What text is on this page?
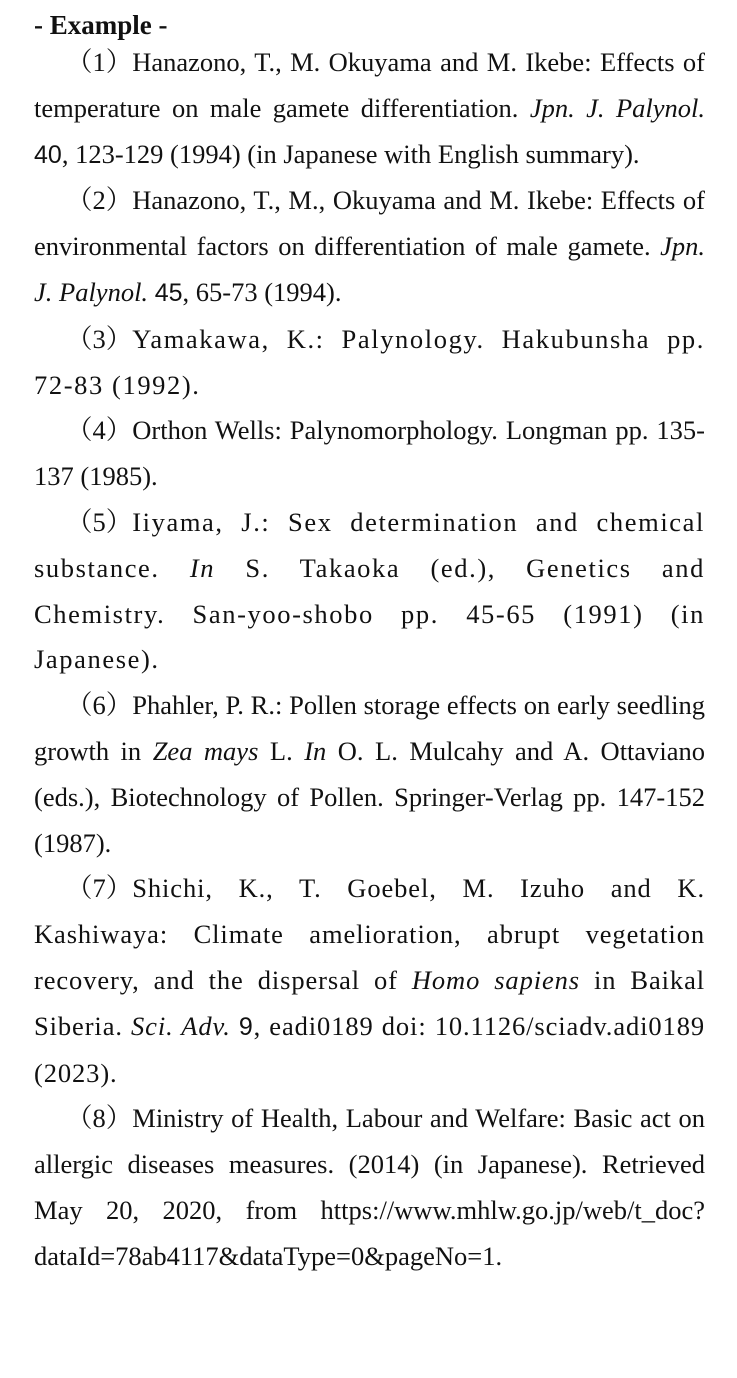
- Example -

（1）Hanazono, T., M. Okuyama and M. Ikebe: Effects of temperature on male gamete differentiation. Jpn. J. Palynol. 40, 123-129 (1994) (in Japanese with English summary).

（2）Hanazono, T., M., Okuyama and M. Ikebe: Effects of environmental factors on differentiation of male gamete. Jpn. J. Palynol. 45, 65-73 (1994).

（3）Yamakawa, K.: Palynology. Hakubunsha pp. 72-83 (1992).

（4）Orthon Wells: Palynomorphology. Longman pp. 135-137 (1985).

（5）Iiyama, J.: Sex determination and chemical substance. In S. Takaoka (ed.), Genetics and Chemistry. San-yoo-shobo pp. 45-65 (1991) (in Japanese).

（6）Phahler, P. R.: Pollen storage effects on early seedling growth in Zea mays L. In O. L. Mulcahy and A. Ottaviano (eds.), Biotechnology of Pollen. Springer-Verlag pp. 147-152 (1987).

（7）Shichi, K., T. Goebel, M. Izuho and K. Kashiwaya: Climate amelioration, abrupt vegetation recovery, and the dispersal of Homo sapiens in Baikal Siberia. Sci. Adv. 9, eadi0189 doi: 10.1126/sciadv.adi0189 (2023).

（8）Ministry of Health, Labour and Welfare: Basic act on allergic diseases measures. (2014) (in Japanese). Retrieved May 20, 2020, from https://www.mhlw.go.jp/web/t_doc?dataId=78ab4117&dataType=0&pageNo=1.
